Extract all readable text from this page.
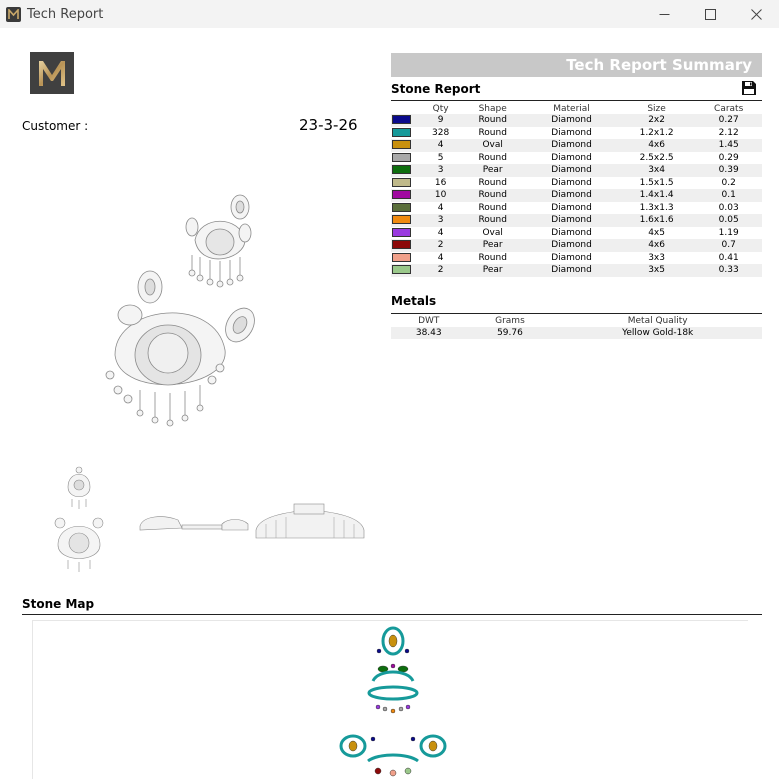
Tech Report
Customer :	23-3-26
Tech Report Summary
Stone Report
	Qty	Shape	Material	Size	Carats
	9	Round	Diamond	2x2	0.27
	328	Round	Diamond	1.2x1.2	2.12
	4	Oval	Diamond	4x6	1.45
	5	Round	Diamond	2.5x2.5	0.29
	3	Pear	Diamond	3x4	0.39
	16	Round	Diamond	1.5x1.5	0.2
	10	Round	Diamond	1.4x1.4	0.1
	4	Round	Diamond	1.3x1.3	0.03
	3	Round	Diamond	1.6x1.6	0.05
	4	Oval	Diamond	4x5	1.19
	2	Pear	Diamond	4x6	0.7
	4	Round	Diamond	3x3	0.41
	2	Pear	Diamond	3x5	0.33
Metals
DWT	Grams	Metal Quality
38.43	59.76	Yellow Gold-18k
Stone Map
